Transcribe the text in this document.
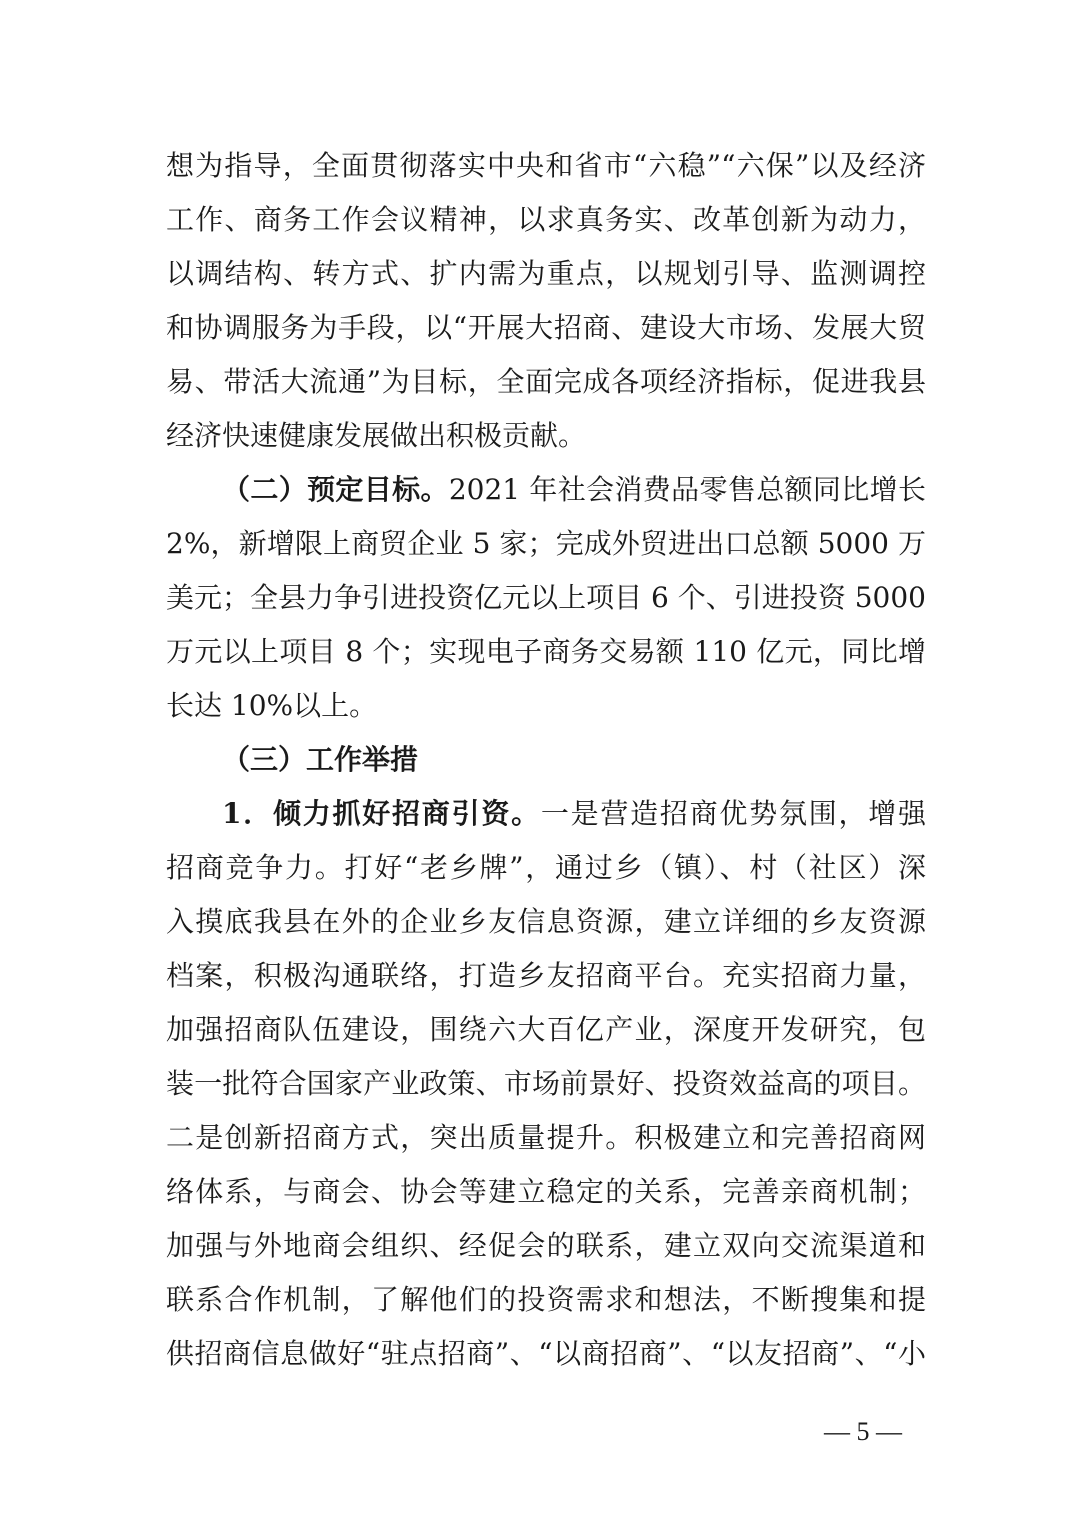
想为指导，全面贯彻落实中央和省市“六稳”“六保”以及经济
工作、商务工作会议精神，以求真务实、改革创新为动力，
以调结构、转方式、扩内需为重点，以规划引导、监测调控
和协调服务为手段，以“开展大招商、建设大市场、发展大贸
易、带活大流通”为目标，全面完成各项经济指标，促进我县
经济快速健康发展做出积极贡献。
（二）预定目标。2021 年社会消费品零售总额同比增长
2%，新增限上商贸企业 5 家；完成外贸进出口总额 5000 万
美元；全县力争引进投资亿元以上项目 6 个、引进投资 5000
万元以上项目 8 个；实现电子商务交易额 110 亿元，同比增
长达 10%以上。
（三）工作举措
1．倾力抓好招商引资。一是营造招商优势氛围，增强
招商竞争力。打好“老乡牌”，通过乡（镇）、村（社区）深
入摸底我县在外的企业乡友信息资源，建立详细的乡友资源
档案，积极沟通联络，打造乡友招商平台。充实招商力量，
加强招商队伍建设，围绕六大百亿产业，深度开发研究，包
装一批符合国家产业政策、市场前景好、投资效益高的项目。
二是创新招商方式，突出质量提升。积极建立和完善招商网
络体系，与商会、协会等建立稳定的关系，完善亲商机制；
加强与外地商会组织、经促会的联系，建立双向交流渠道和
联系合作机制，了解他们的投资需求和想法，不断搜集和提
供招商信息做好“驻点招商”、“以商招商”、“以友招商”、“小
— 5 —
